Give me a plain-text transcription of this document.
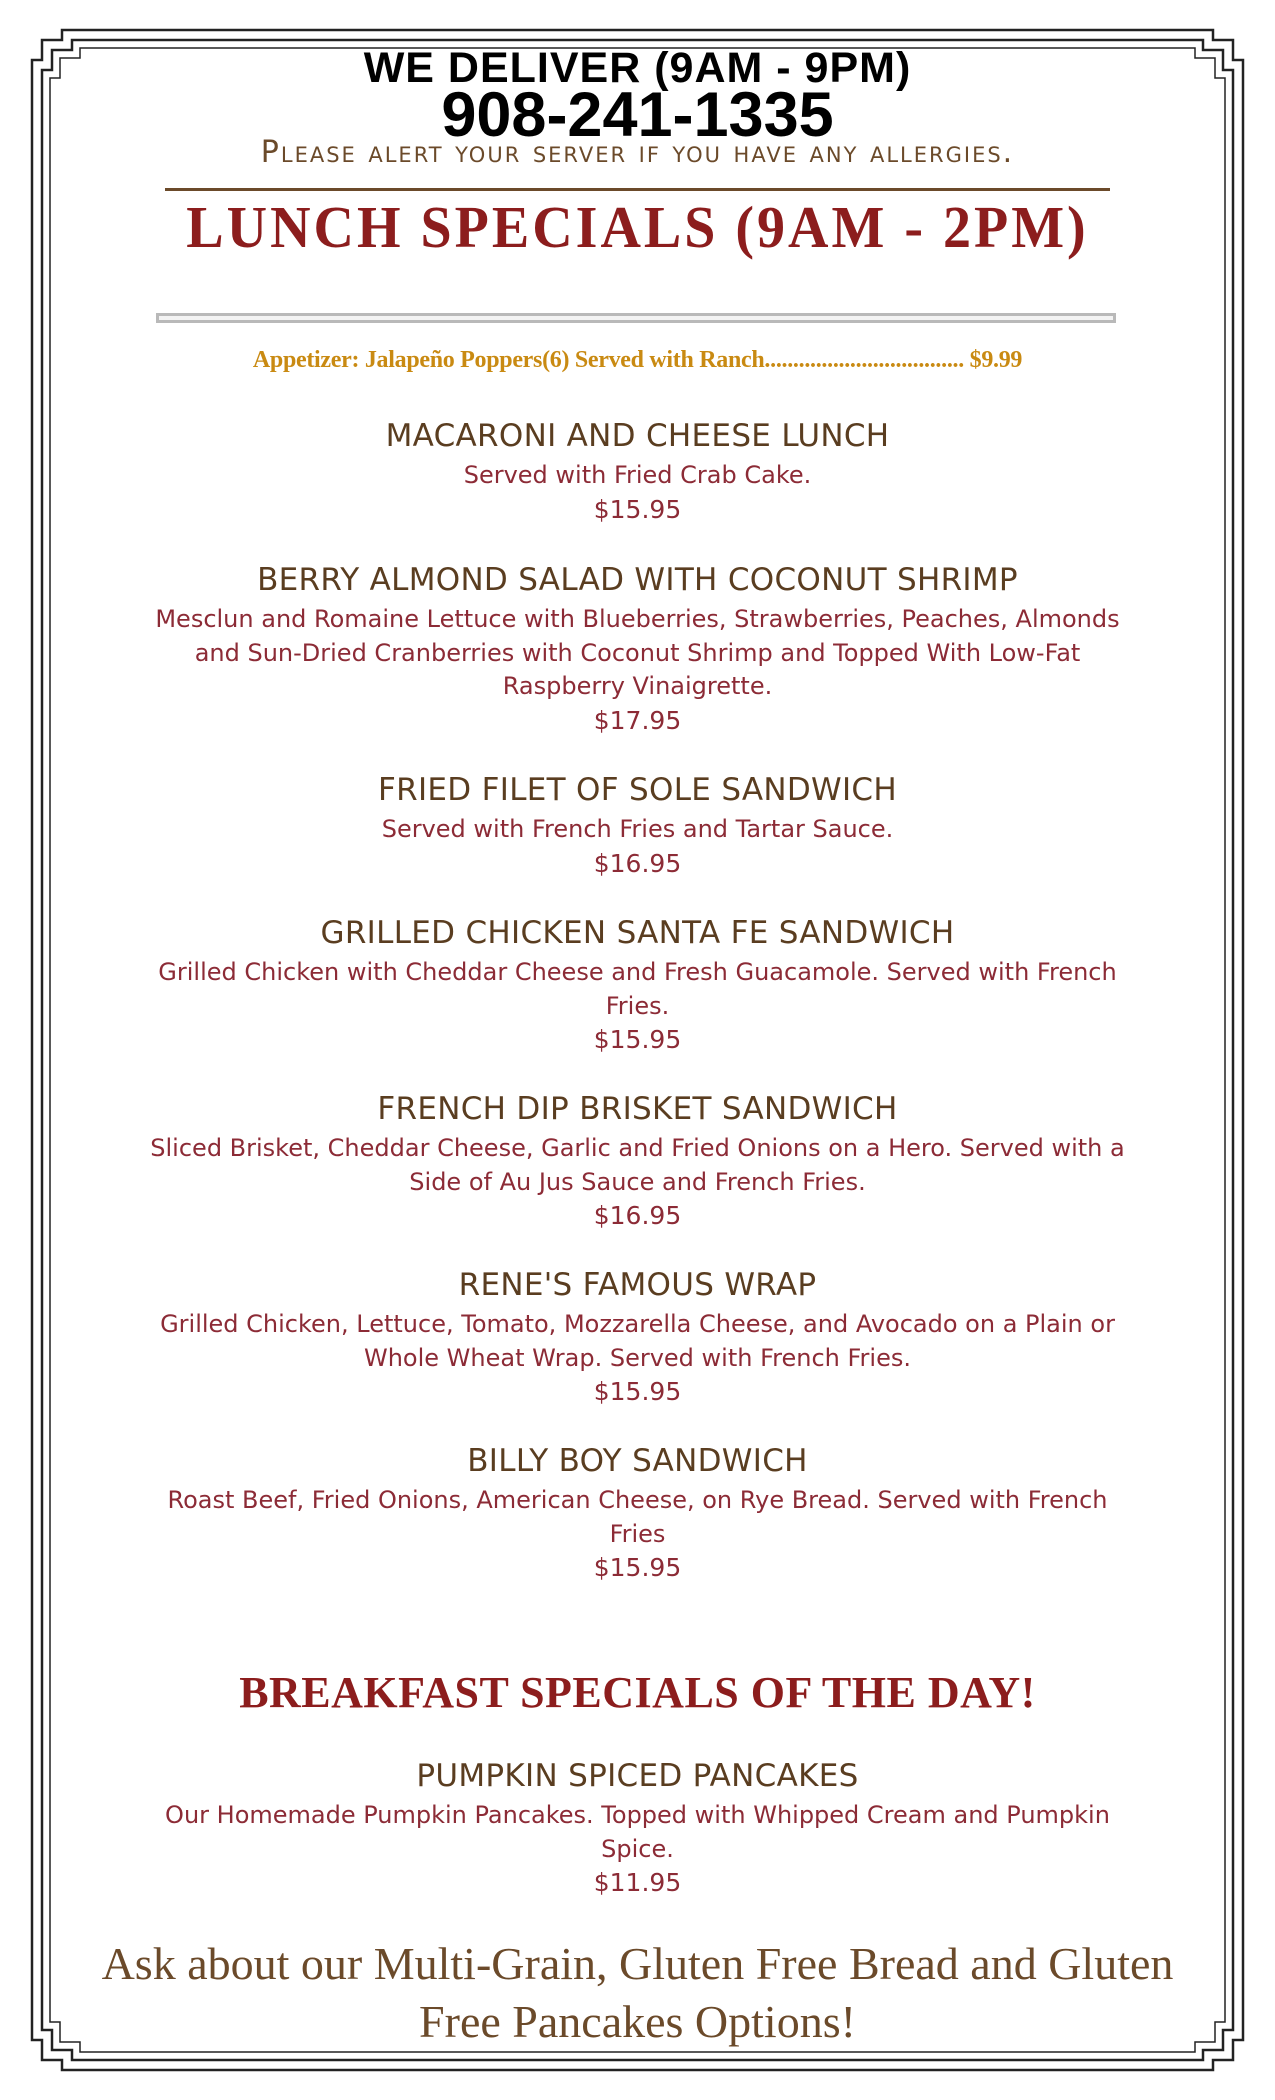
WE DELIVER (9AM - 9PM)
908-241-1335
Please alert your server if you have any allergies.
LUNCH SPECIALS (9AM - 2PM)
Appetizer: Jalapeño Poppers(6) Served with Ranch................................... $9.99
MACARONI AND CHEESE LUNCH
Served with Fried Crab Cake.
$15.95
BERRY ALMOND SALAD WITH COCONUT SHRIMP
Mesclun and Romaine Lettuce with Blueberries, Strawberries, Peaches, Almonds and Sun-Dried Cranberries with Coconut Shrimp and Topped With Low-Fat Raspberry Vinaigrette.
$17.95
FRIED FILET OF SOLE SANDWICH
Served with French Fries and Tartar Sauce.
$16.95
GRILLED CHICKEN SANTA FE SANDWICH
Grilled Chicken with Cheddar Cheese and Fresh Guacamole. Served with French Fries.
$15.95
FRENCH DIP BRISKET SANDWICH
Sliced Brisket, Cheddar Cheese, Garlic and Fried Onions on a Hero. Served with a Side of Au Jus Sauce and French Fries.
$16.95
RENE'S FAMOUS WRAP
Grilled Chicken, Lettuce, Tomato, Mozzarella Cheese, and Avocado on a Plain or Whole Wheat Wrap. Served with French Fries.
$15.95
BILLY BOY SANDWICH
Roast Beef, Fried Onions, American Cheese, on Rye Bread. Served with French Fries
$15.95
BREAKFAST SPECIALS OF THE DAY!
PUMPKIN SPICED PANCAKES
Our Homemade Pumpkin Pancakes. Topped with Whipped Cream and Pumpkin Spice.
$11.95
Ask about our Multi-Grain, Gluten Free Bread and Gluten Free Pancakes Options!
